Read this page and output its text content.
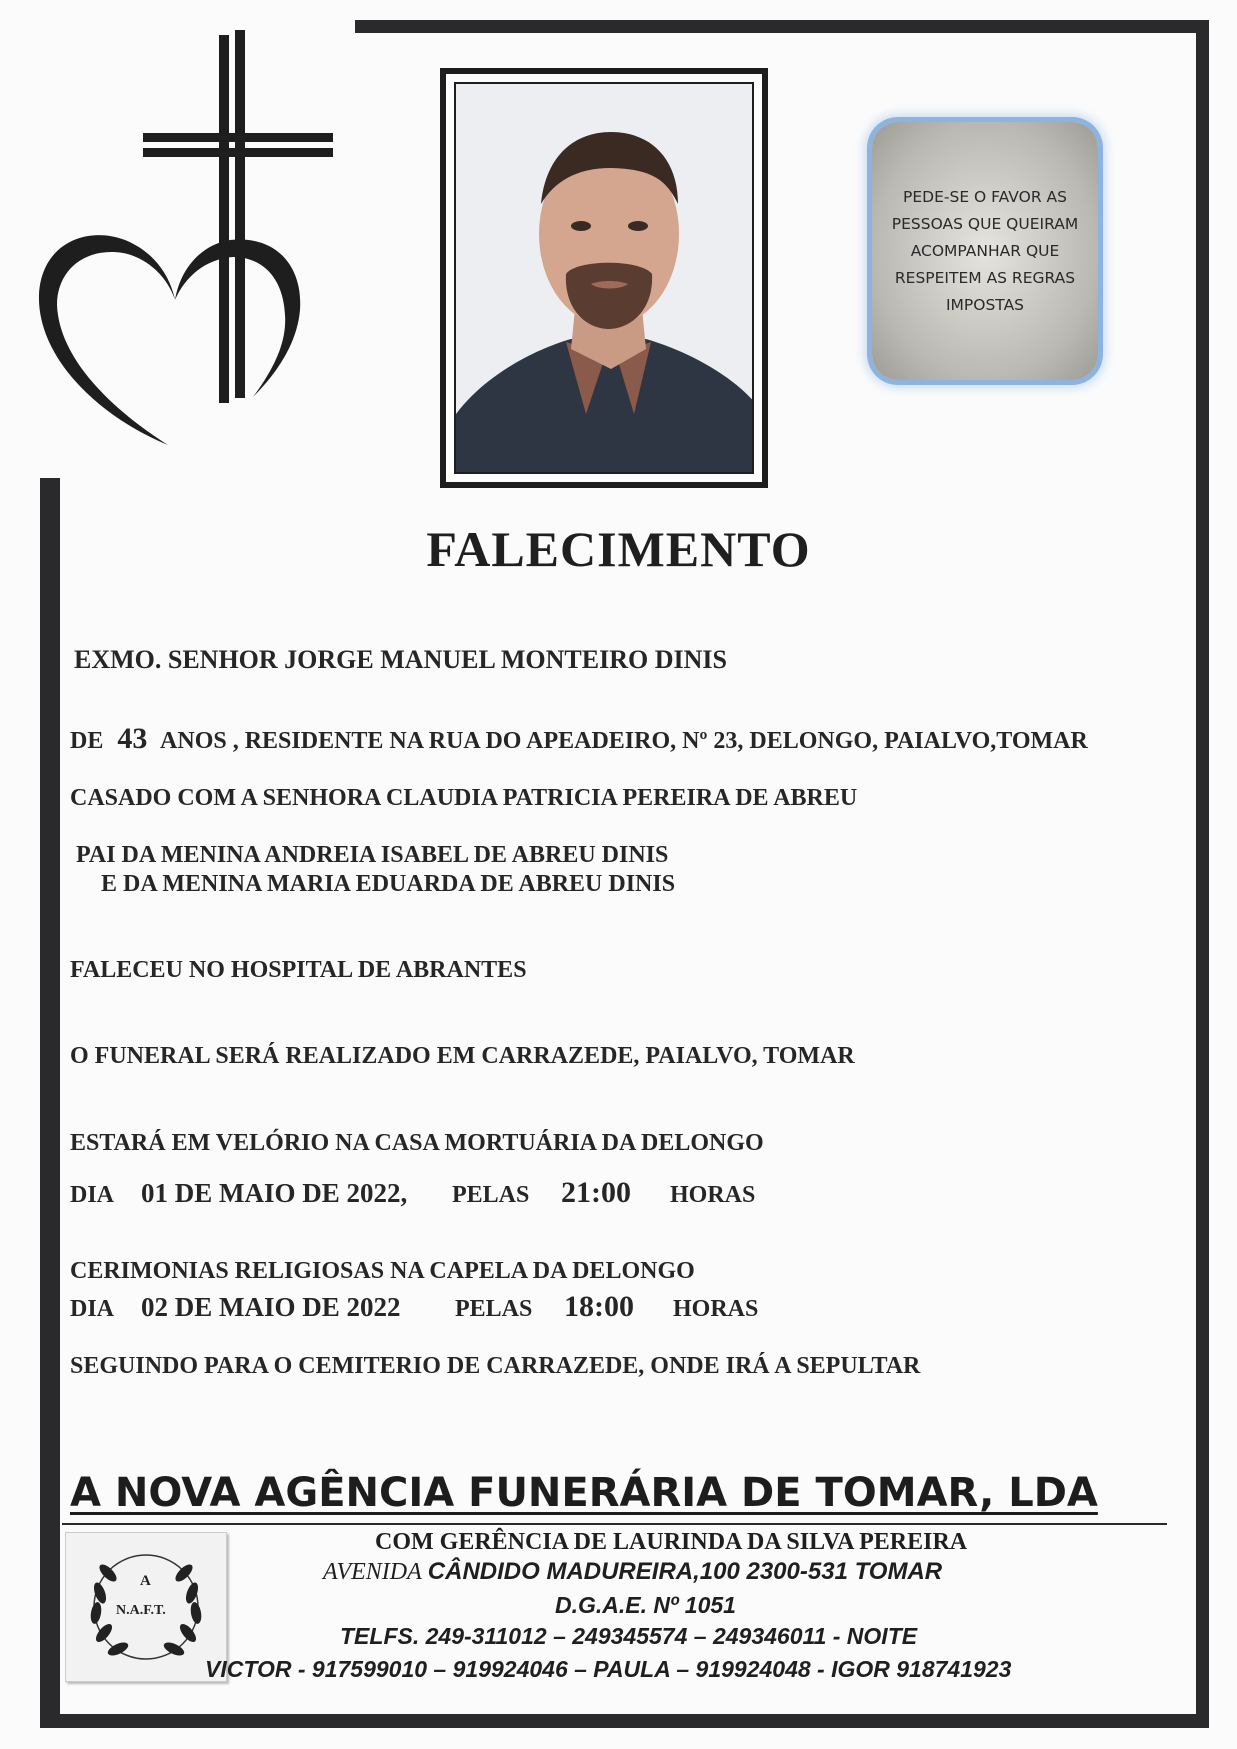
PEDE-SE O FAVOR AS PESSOAS QUE QUEIRAM ACOMPANHAR QUE RESPEITEM AS REGRAS IMPOSTAS
FALECIMENTO
EXMO. SENHOR JORGE MANUEL MONTEIRO DINIS
DE 43 ANOS , RESIDENTE NA RUA DO APEADEIRO, Nº 23, DELONGO, PAIALVO,TOMAR
CASADO COM A SENHORA CLAUDIA PATRICIA PEREIRA DE ABREU
PAI DA MENINA ANDREIA ISABEL DE ABREU DINIS
E DA MENINA MARIA EDUARDA DE ABREU DINIS
FALECEU NO HOSPITAL DE ABRANTES
O FUNERAL SERÁ REALIZADO EM CARRAZEDE, PAIALVO, TOMAR
ESTARÁ EM VELÓRIO NA CASA MORTUÁRIA DA DELONGO
DIA 01 DE MAIO DE 2022, PELAS 21:00 HORAS
CERIMONIAS RELIGIOSAS NA CAPELA DA DELONGO
DIA 02 DE MAIO DE 2022 PELAS 18:00 HORAS
SEGUINDO PARA O CEMITERIO DE CARRAZEDE, ONDE IRÁ A SEPULTAR
A NOVA AGÊNCIA FUNERÁRIA DE TOMAR, LDA
A
N.A.F.T.
COM GERÊNCIA DE LAURINDA DA SILVA PEREIRA
AVENIDA CÂNDIDO MADUREIRA,100 2300-531 TOMAR
D.G.A.E. Nº 1051
TELFS. 249-311012 – 249345574 – 249346011 - NOITE
VICTOR - 917599010 – 919924046 – PAULA – 919924048 - IGOR 918741923
